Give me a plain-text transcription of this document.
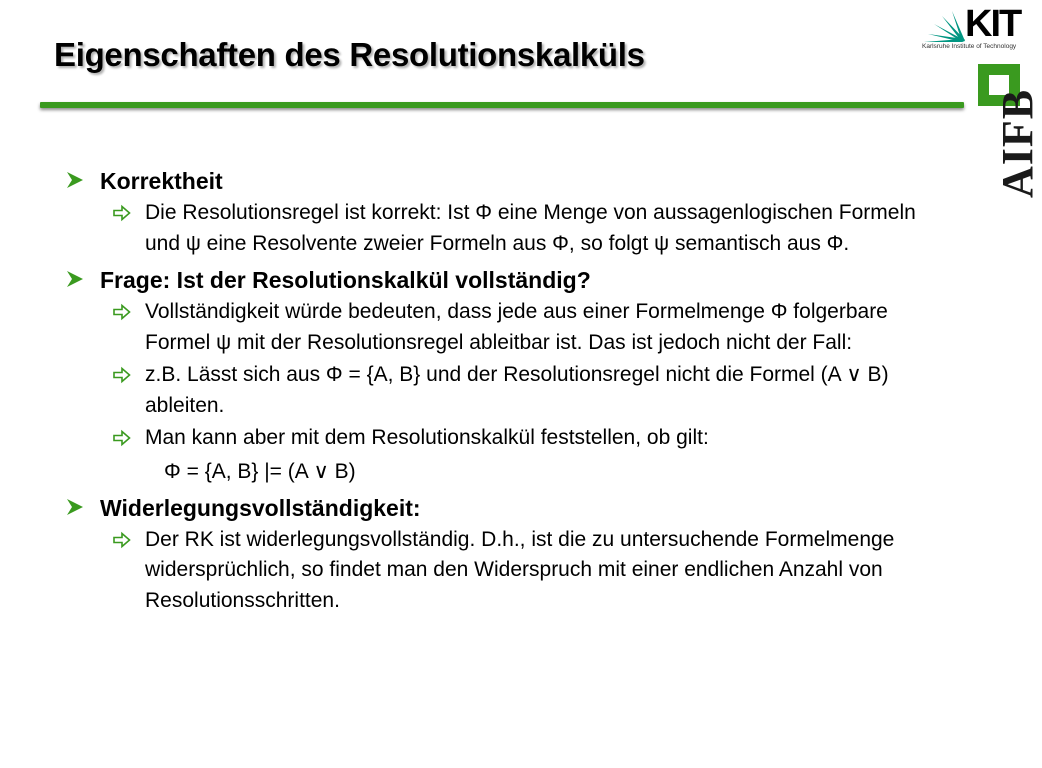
Eigenschaften des Resolutionskalküls
KIT
Karlsruhe Institute of Technology
AIFB
Korrektheit
Die Resolutionsregel ist korrekt: Ist Φ eine Menge von aussagenlogischen Formeln und ψ eine Resolvente zweier Formeln aus Φ, so folgt ψ semantisch aus Φ.
Frage: Ist der Resolutionskalkül vollständig?
Vollständigkeit würde bedeuten, dass jede aus einer Formelmenge Φ folgerbare Formel ψ mit der Resolutionsregel ableitbar ist. Das ist jedoch nicht der Fall:
z.B. Lässt sich aus Φ = {A, B} und der Resolutionsregel nicht die Formel (A ∨ B) ableiten.
Man kann aber mit dem Resolutionskalkül feststellen, ob gilt:
Φ = {A, B} |= (A ∨ B)
Widerlegungsvollständigkeit:
Der RK ist widerlegungsvollständig. D.h., ist die zu untersuchende Formelmenge widersprüchlich, so findet man den Widerspruch mit einer endlichen Anzahl von Resolutionsschritten.
